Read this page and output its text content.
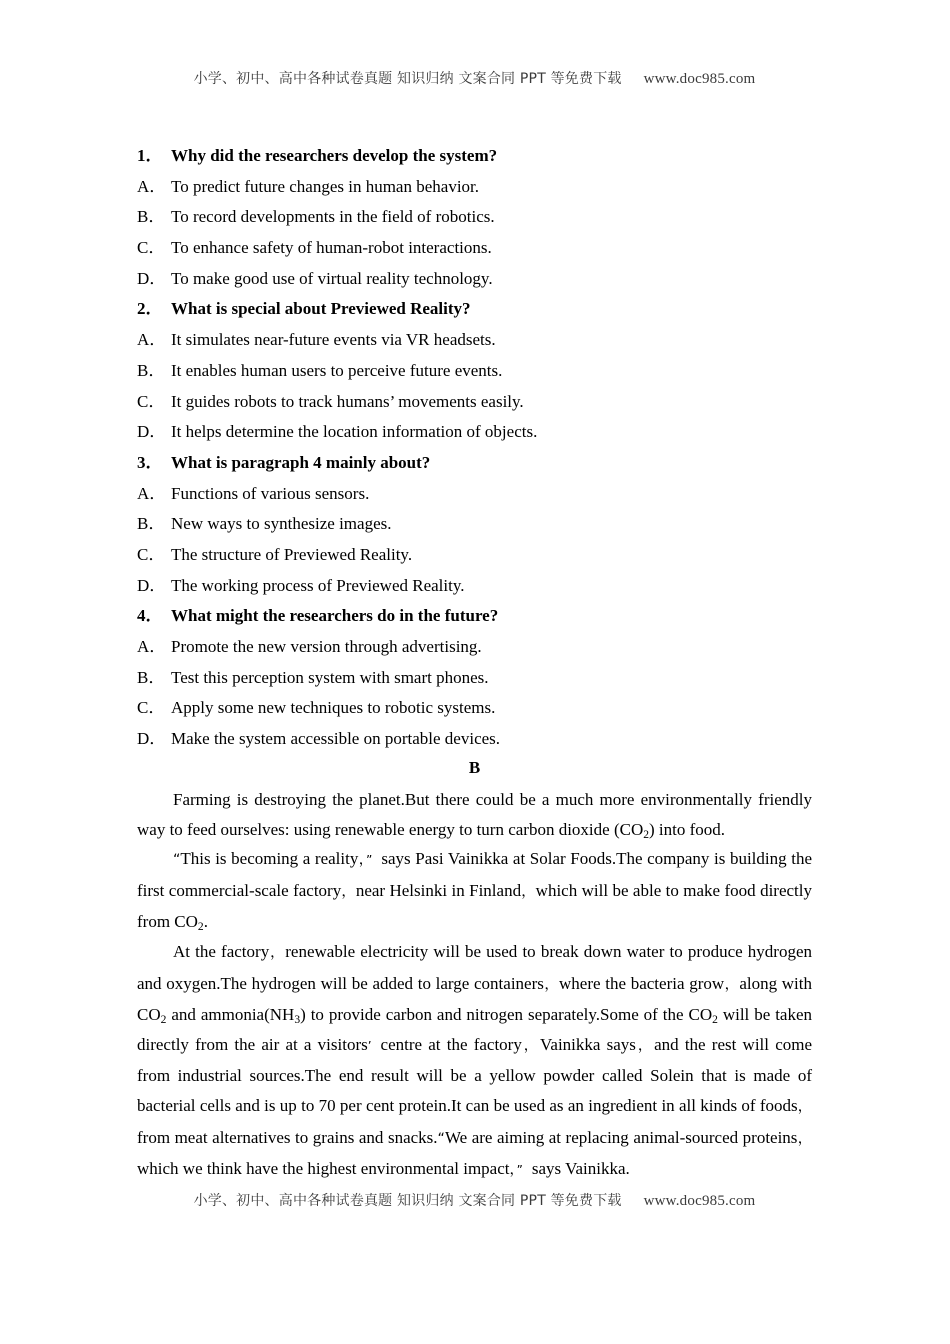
小学、初中、高中各种试卷真题 知识归纳 文案合同 PPT 等免费下载 www.doc985.com
1． Why did the researchers develop the system?
A． To predict future changes in human behavior.
B． To record developments in the field of robotics.
C． To enhance safety of human-robot interactions.
D． To make good use of virtual reality technology.
2． What is special about Previewed Reality?
A． It simulates near-future events via VR headsets.
B． It enables human users to perceive future events.
C． It guides robots to track humans’ movements easily.
D． It helps determine the location information of objects.
3． What is paragraph 4 mainly about?
A． Functions of various sensors.
B． New ways to synthesize images.
C． The structure of Previewed Reality.
D． The working process of Previewed Reality.
4． What might the researchers do in the future?
A． Promote the new version through advertising.
B． Test this perception system with smart phones.
C． Apply some new techniques to robotic systems.
D． Make the system accessible on portable devices.
B

Farming is destroying the planet.But there could be a much more environmentally friendly way to feed ourselves: using renewable energy to turn carbon dioxide $(CO_2)$ into food.

“This is becoming a reality，” says Pasi Vainikka at Solar Foods.The company is building the first commercial-scale factory，near Helsinki in Finland，which will be able to make food directly from $CO_2$.

At the factory，renewable electricity will be used to break down water to produce hydrogen and oxygen.The hydrogen will be added to large containers，where the bacteria grow，along with $CO_2$ and $ammonia(NH_3)$ to provide carbon and nitrogen separately.Some of the $CO_2$ will be taken directly from the air at a visitors’ centre at the factory，Vainikka says，and the rest will come from industrial sources.The end result will be a yellow powder called Solein that is made of bacterial cells and is up to 70 per cent protein.It can be used as an ingredient in all kinds of foods，from meat alternatives to grains and snacks.“We are aiming at replacing animal-sourced proteins，which we think have the highest environmental impact，” says Vainikka.

小学、初中、高中各种试卷真题 知识归纳 文案合同 PPT 等免费下载 www.doc985.com
